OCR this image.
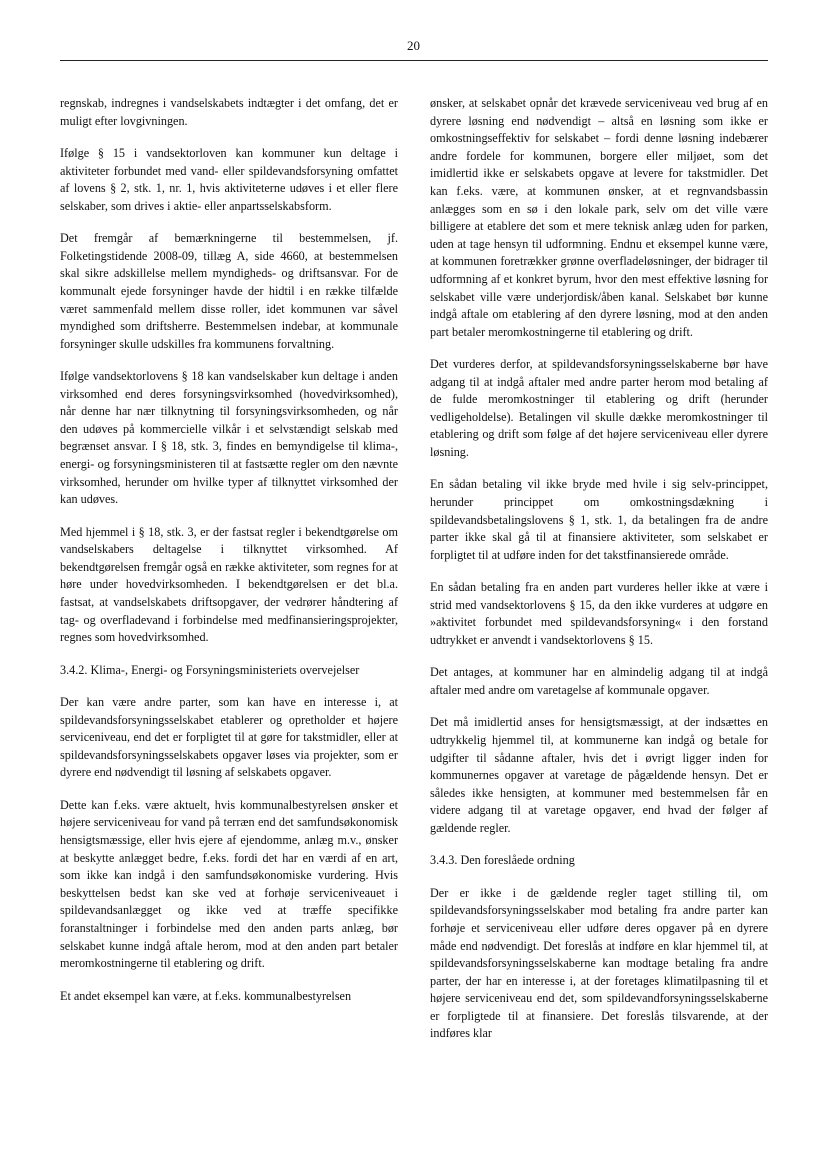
20

regnskab, indregnes i vandselskabets indtægter i det omfang, det er muligt efter lovgivningen.

Ifølge § 15 i vandsektorloven kan kommuner kun deltage i aktiviteter forbundet med vand- eller spildevandsforsyning omfattet af lovens § 2, stk. 1, nr. 1, hvis aktiviteterne udøves i et eller flere selskaber, som drives i aktie- eller anpartsselskabsform.

Det fremgår af bemærkningerne til bestemmelsen, jf. Folketingstidende 2008-09, tillæg A, side 4660, at bestemmelsen skal sikre adskillelse mellem myndigheds- og driftsansvar. For de kommunalt ejede forsyninger havde der hidtil i en række tilfælde været sammenfald mellem disse roller, idet kommunen var såvel myndighed som driftsherre. Bestemmelsen indebar, at kommunale forsyninger skulle udskilles fra kommunens forvaltning.

Ifølge vandsektorlovens § 18 kan vandselskaber kun deltage i anden virksomhed end deres forsyningsvirksomhed (hovedvirksomhed), når denne har nær tilknytning til forsyningsvirksomheden, og når den udøves på kommercielle vilkår i et selvstændigt selskab med begrænset ansvar. I § 18, stk. 3, findes en bemyndigelse til klima-, energi- og forsyningsministeren til at fastsætte regler om den nævnte virksomhed, herunder om hvilke typer af tilknyttet virksomhed der kan udøves.

Med hjemmel i § 18, stk. 3, er der fastsat regler i bekendtgørelse om vandselskabers deltagelse i tilknyttet virksomhed. Af bekendtgørelsen fremgår også en række aktiviteter, som regnes for at høre under hovedvirksomheden. I bekendtgørelsen er det bl.a. fastsat, at vandselskabets driftsopgaver, der vedrører håndtering af tag- og overfladevand i forbindelse med medfinansieringsprojekter, regnes som hovedvirksomhed.

3.4.2. Klima-, Energi- og Forsyningsministeriets overvejelser

Der kan være andre parter, som kan have en interesse i, at spildevandsforsyningsselskabet etablerer og opretholder et højere serviceniveau, end det er forpligtet til at gøre for takstmidler, eller at spildevandsforsyningsselskabets opgaver løses via projekter, som er dyrere end nødvendigt til løsning af selskabets opgaver.

Dette kan f.eks. være aktuelt, hvis kommunalbestyrelsen ønsker et højere serviceniveau for vand på terræn end det samfundsøkonomisk hensigtsmæssige, eller hvis ejere af ejendomme, anlæg m.v., ønsker at beskytte anlægget bedre, f.eks. fordi det har en værdi af en art, som ikke kan indgå i den samfundsøkonomiske vurdering. Hvis beskyttelsen bedst kan ske ved at forhøje serviceniveauet i spildevandsanlægget og ikke ved at træffe specifikke foranstaltninger i forbindelse med den anden parts anlæg, bør selskabet kunne indgå aftale herom, mod at den anden part betaler meromkostningerne til etablering og drift.

Et andet eksempel kan være, at f.eks. kommunalbestyrelsen

ønsker, at selskabet opnår det krævede serviceniveau ved brug af en dyrere løsning end nødvendigt – altså en løsning som ikke er omkostningseffektiv for selskabet – fordi denne løsning indebærer andre fordele for kommunen, borgere eller miljøet, som det imidlertid ikke er selskabets opgave at levere for takstmidler. Det kan f.eks. være, at kommunen ønsker, at et regnvandsbassin anlægges som en sø i den lokale park, selv om det ville være billigere at etablere det som et mere teknisk anlæg uden for parken, uden at tage hensyn til udformning. Endnu et eksempel kunne være, at kommunen foretrækker grønne overfladeløsninger, der bidrager til udformning af et konkret byrum, hvor den mest effektive løsning for selskabet ville være underjordisk/åben kanal. Selskabet bør kunne indgå aftale om etablering af den dyrere løsning, mod at den anden part betaler meromkostningerne til etablering og drift.

Det vurderes derfor, at spildevandsforsyningsselskaberne bør have adgang til at indgå aftaler med andre parter herom mod betaling af de fulde meromkostninger til etablering og drift (herunder vedligeholdelse). Betalingen vil skulle dække meromkostninger til etablering og drift som følge af det højere serviceniveau eller dyrere løsning.

En sådan betaling vil ikke bryde med hvile i sig selv-princippet, herunder princippet om omkostningsdækning i spildevandsbetalingslovens § 1, stk. 1, da betalingen fra de andre parter ikke skal gå til at finansiere aktiviteter, som selskabet er forpligtet til at udføre inden for det takstfinansierede område.

En sådan betaling fra en anden part vurderes heller ikke at være i strid med vandsektorlovens § 15, da den ikke vurderes at udgøre en »aktivitet forbundet med spildevandsforsyning« i den forstand udtrykket er anvendt i vandsektorlovens § 15.

Det antages, at kommuner har en almindelig adgang til at indgå aftaler med andre om varetagelse af kommunale opgaver.

Det må imidlertid anses for hensigtsmæssigt, at der indsættes en udtrykkelig hjemmel til, at kommunerne kan indgå og betale for udgifter til sådanne aftaler, hvis det i øvrigt ligger inden for kommunernes opgaver at varetage de pågældende hensyn. Det er således ikke hensigten, at kommuner med bestemmelsen får en videre adgang til at varetage opgaver, end hvad der følger af gældende regler.

3.4.3. Den foreslåede ordning

Der er ikke i de gældende regler taget stilling til, om spildevandsforsyningsselskaber mod betaling fra andre parter kan forhøje et serviceniveau eller udføre deres opgaver på en dyrere måde end nødvendigt. Det foreslås at indføre en klar hjemmel til, at spildevandsforsyningsselskaberne kan modtage betaling fra andre parter, der har en interesse i, at der foretages klimatilpasning til et højere serviceniveau end det, som spildevandforsyningsselskaberne er forpligtede til at finansiere. Det foreslås tilsvarende, at der indføres klar
